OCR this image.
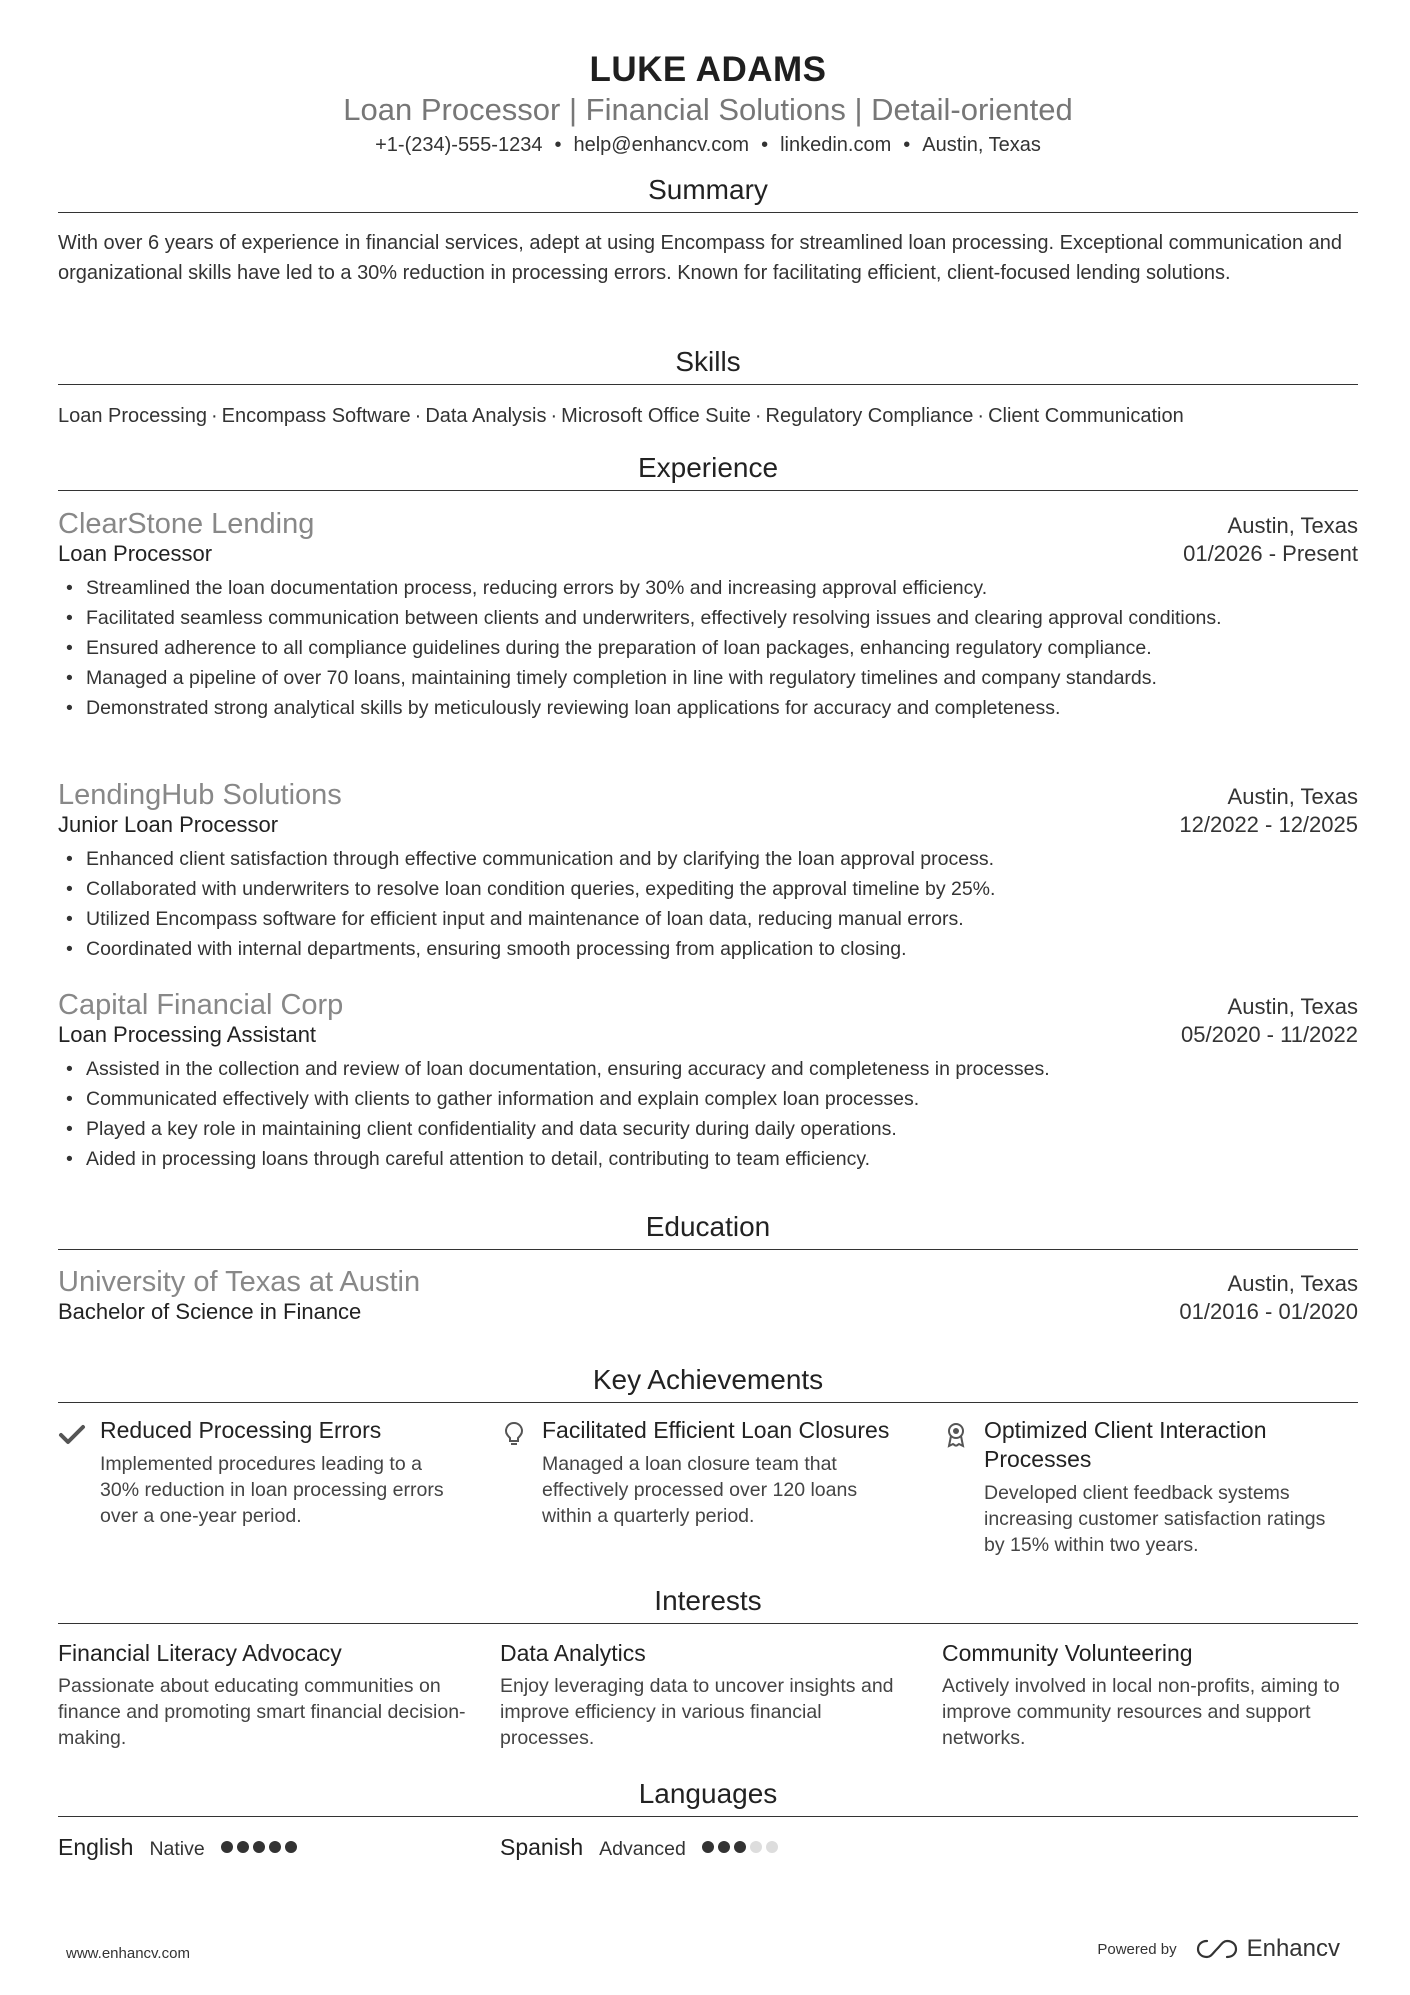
LUKE ADAMS
Loan Processor | Financial Solutions | Detail-oriented
+1-(234)-555-1234 • help@enhancv.com • linkedin.com • Austin, Texas
Summary
With over 6 years of experience in financial services, adept at using Encompass for streamlined loan processing. Exceptional communication and organizational skills have led to a 30% reduction in processing errors. Known for facilitating efficient, client-focused lending solutions.
Skills
Loan Processing · Encompass Software · Data Analysis · Microsoft Office Suite · Regulatory Compliance · Client Communication
Experience
ClearStone Lending	Austin, Texas
Loan Processor	01/2026 - Present
• Streamlined the loan documentation process, reducing errors by 30% and increasing approval efficiency.
• Facilitated seamless communication between clients and underwriters, effectively resolving issues and clearing approval conditions.
• Ensured adherence to all compliance guidelines during the preparation of loan packages, enhancing regulatory compliance.
• Managed a pipeline of over 70 loans, maintaining timely completion in line with regulatory timelines and company standards.
• Demonstrated strong analytical skills by meticulously reviewing loan applications for accuracy and completeness.
LendingHub Solutions	Austin, Texas
Junior Loan Processor	12/2022 - 12/2025
• Enhanced client satisfaction through effective communication and by clarifying the loan approval process.
• Collaborated with underwriters to resolve loan condition queries, expediting the approval timeline by 25%.
• Utilized Encompass software for efficient input and maintenance of loan data, reducing manual errors.
• Coordinated with internal departments, ensuring smooth processing from application to closing.
Capital Financial Corp	Austin, Texas
Loan Processing Assistant	05/2020 - 11/2022
• Assisted in the collection and review of loan documentation, ensuring accuracy and completeness in processes.
• Communicated effectively with clients to gather information and explain complex loan processes.
• Played a key role in maintaining client confidentiality and data security during daily operations.
• Aided in processing loans through careful attention to detail, contributing to team efficiency.
Education
University of Texas at Austin	Austin, Texas
Bachelor of Science in Finance	01/2016 - 01/2020
Key Achievements
Reduced Processing Errors
Implemented procedures leading to a 30% reduction in loan processing errors over a one-year period.
Facilitated Efficient Loan Closures
Managed a loan closure team that effectively processed over 120 loans within a quarterly period.
Optimized Client Interaction Processes
Developed client feedback systems increasing customer satisfaction ratings by 15% within two years.
Interests
Financial Literacy Advocacy
Passionate about educating communities on finance and promoting smart financial decision-making.
Data Analytics
Enjoy leveraging data to uncover insights and improve efficiency in various financial processes.
Community Volunteering
Actively involved in local non-profits, aiming to improve community resources and support networks.
Languages
English Native	Spanish Advanced
www.enhancv.com	Powered by	Enhancv
